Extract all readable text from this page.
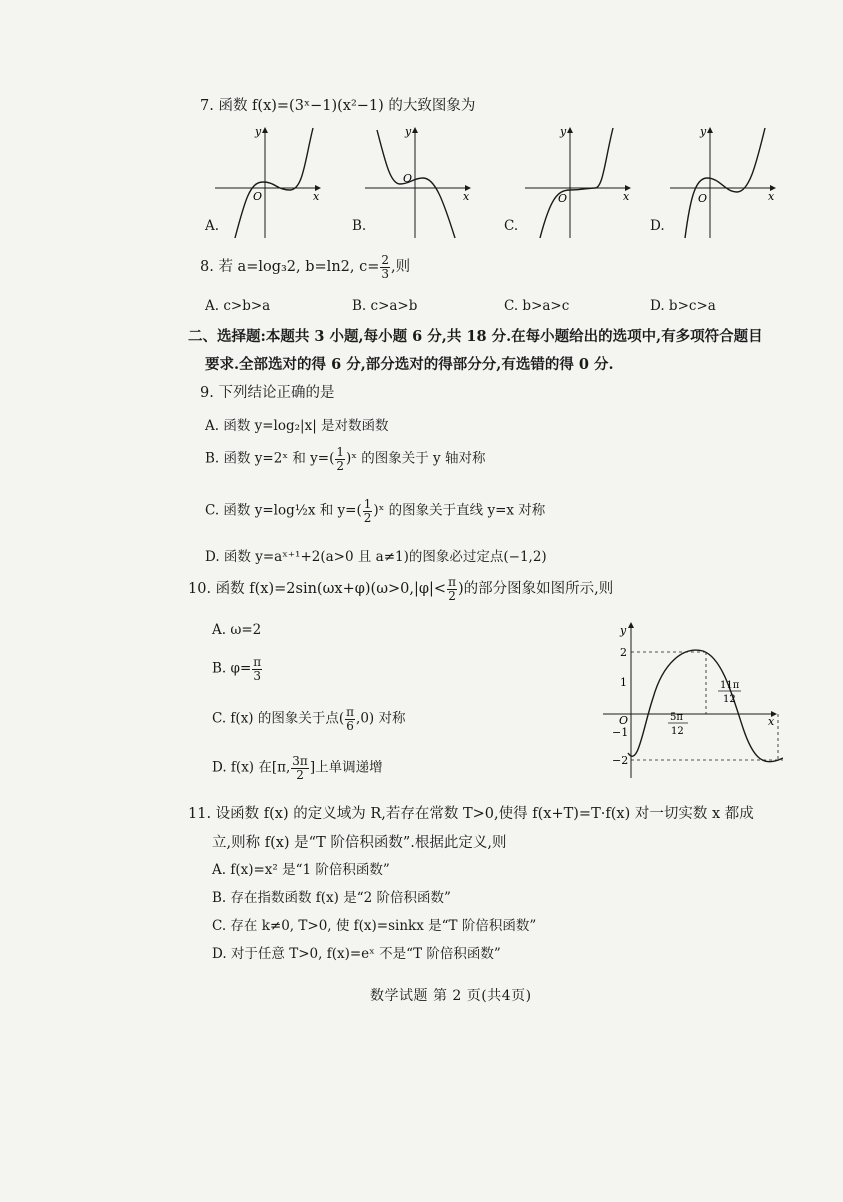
7. 函数 f(x)=(3ˣ−1)(x²−1) 的大致图象为
y
x
O
y
x
O
y
x
O
y
x
O
A.	B.	C.	D.
8. 若 a=log₃2, b=ln2, $c= \frac{2}{3}$ ,则
A. c>b>a	B. c>a>b	C. b>a>c	D. b>c>a
二、选择题:本题共 3 小题,每小题 6 分,共 18 分.在每小题给出的选项中,有多项符合题目
要求.全部选对的得 6 分,部分选对的得部分分,有选错的得 0 分.
9. 下列结论正确的是
A. 函数 y=log₂|x| 是对数函数
B. 函数 y=2ˣ 和 $y=( \frac{1}{2}$ )ˣ 的图象关于 y 轴对称
C. 函数 y=log½x 和 $y=( \frac{1}{2}$ )ˣ 的图象关于直线 y=x 对称
D. 函数 y=aˣ⁺¹+2(a>0 且 a≠1)的图象必过定点(−1,2)
10. 函数 $f(x)=2\sin(\omega x+\varphi)(\omega>0,|\varphi|< \frac{\pi}{2}$ )的部分图象如图所示,则
A. ω=2
B. $\varphi= \frac{\pi}{3}$
C. f(x) 的图象关于点( $\frac{\pi}{6} ,0$) 对称
D. f(x) 在[π, $\frac{3\pi}{2}$ ]上单调递增
y
x
O
2
1
−1
−2
5π
12
11π
12
11. 设函数 f(x) 的定义域为 R,若存在常数 T>0,使得 f(x+T)=T·f(x) 对一切实数 x 都成
立,则称 f(x) 是“T 阶倍积函数”.根据此定义,则
A. f(x)=x² 是“1 阶倍积函数”
B. 存在指数函数 f(x) 是“2 阶倍积函数”
C. 存在 k≠0, T>0, 使 f(x)=sinkx 是“T 阶倍积函数”
D. 对于任意 T>0, f(x)=eˣ 不是“T 阶倍积函数”
数学试题 第 2 页(共4页)
